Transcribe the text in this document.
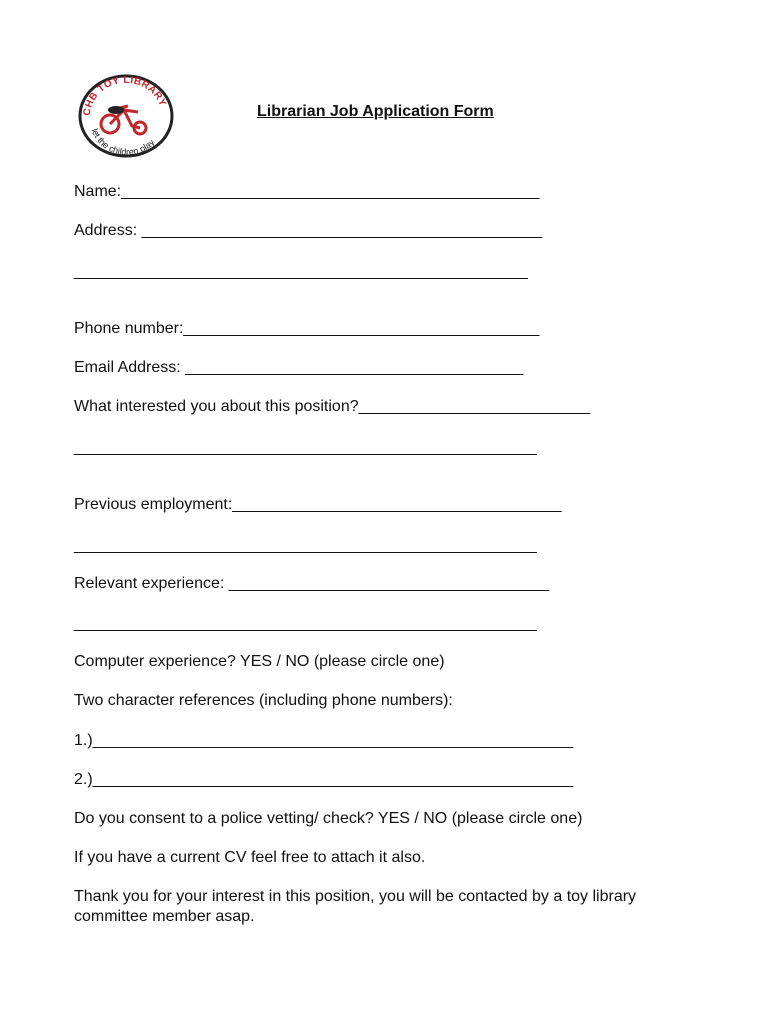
CHB TOY LIBRARY
let the children play
Librarian Job Application Form
Name:_______________________________________________
Address: _____________________________________________
___________________________________________________
Phone number:________________________________________
Email Address: ______________________________________
What interested you about this position?__________________________
____________________________________________________
Previous employment:_____________________________________
____________________________________________________
Relevant experience: ____________________________________
____________________________________________________
Computer experience? YES / NO (please circle one)
Two character references (including phone numbers):
1.)______________________________________________________
2.)______________________________________________________
Do you consent to a police vetting/ check? YES / NO (please circle one)
If you have a current CV feel free to attach it also.
Thank you for your interest in this position, you will be contacted by a toy library committee member asap.
